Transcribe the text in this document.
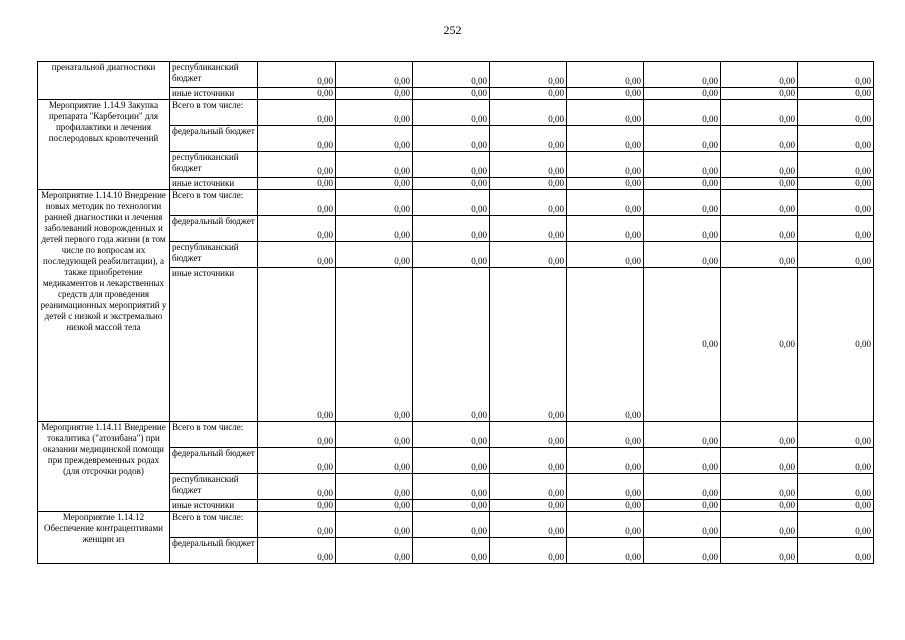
252
пренатальной диагностики	республиканский бюджет	0,00	0,00	0,00	0,00	0,00	0,00	0,00	0,00
	иные источники	0,00	0,00	0,00	0,00	0,00	0,00	0,00	0,00
Мероприятие 1.14.9 Закупка препарата "Карбетоцин" для профилактики и лечения послеродовых кровотечений	Всего в том числе:	0,00	0,00	0,00	0,00	0,00	0,00	0,00	0,00
	федеральный бюджет	0,00	0,00	0,00	0,00	0,00	0,00	0,00	0,00
	республиканский бюджет	0,00	0,00	0,00	0,00	0,00	0,00	0,00	0,00
	иные источники	0,00	0,00	0,00	0,00	0,00	0,00	0,00	0,00
Мероприятие 1.14.10 Внедрение новых методик по технологии ранней диагностики и лечения заболеваний новорожденных и детей первого года жизни (в том числе по вопросам их последующей реабилитации), а также приобретение медикаментов и лекарственных средств для проведения реанимационных мероприятий у детей с низкой и экстремально низкой массой тела	Всего в том числе:	0,00	0,00	0,00	0,00	0,00	0,00	0,00	0,00
	федеральный бюджет	0,00	0,00	0,00	0,00	0,00	0,00	0,00	0,00
	республиканский бюджет	0,00	0,00	0,00	0,00	0,00	0,00	0,00	0,00
	иные источники	0,00	0,00	0,00	0,00	0,00	0,00	0,00	0,00
Мероприятие 1.14.11 Внедрение токалитика ("атозибана") при оказании медицинской помощи при преждевременных родах (для отсрочки родов)	Всего в том числе:	0,00	0,00	0,00	0,00	0,00	0,00	0,00	0,00
	федеральный бюджет	0,00	0,00	0,00	0,00	0,00	0,00	0,00	0,00
	республиканский бюджет	0,00	0,00	0,00	0,00	0,00	0,00	0,00	0,00
	иные источники	0,00	0,00	0,00	0,00	0,00	0,00	0,00	0,00
Мероприятие 1.14.12 Обеспечение контрацептивами женщин из	Всего в том числе:	0,00	0,00	0,00	0,00	0,00	0,00	0,00	0,00
	федеральный бюджет	0,00	0,00	0,00	0,00	0,00	0,00	0,00	0,00
